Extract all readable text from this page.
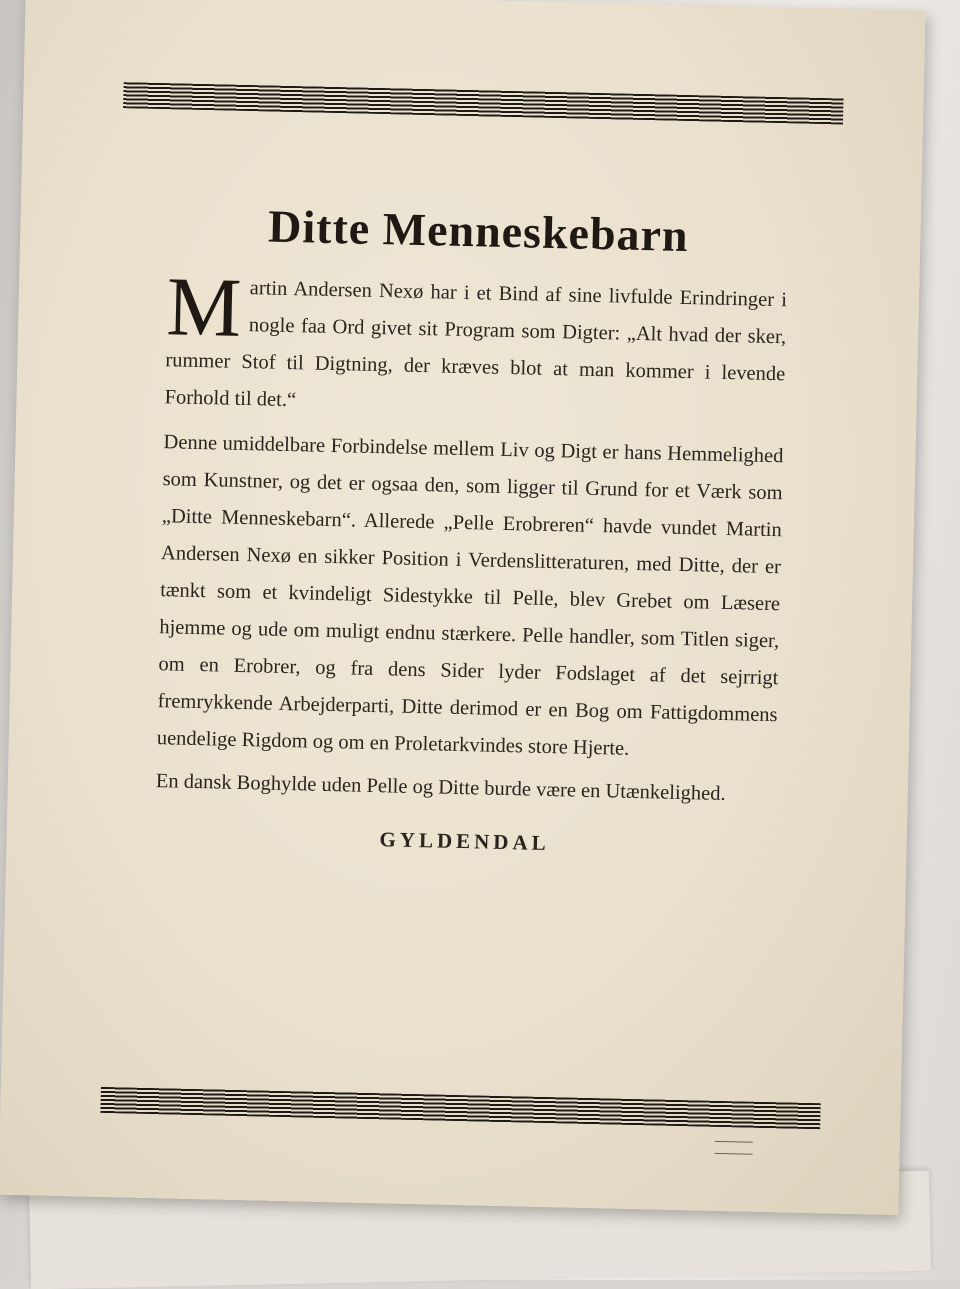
Ditte Menneskebarn

Martin Andersen Nexø har i et Bind af sine livfulde Erindringer i nogle faa Ord givet sit Program som Digter: „Alt hvad der sker, rummer Stof til Digtning, der kræves blot at man kommer i levende Forhold til det.“

Denne umiddelbare Forbindelse mellem Liv og Digt er hans Hemmelighed som Kunstner, og det er ogsaa den, som ligger til Grund for et Værk som „Ditte Menneskebarn“. Allerede „Pelle Erobreren“ havde vundet Martin Andersen Nexø en sikker Position i Verdenslitteraturen, med Ditte, der er tænkt som et kvindeligt Sidestykke til Pelle, blev Grebet om Læsere hjemme og ude om muligt endnu stærkere. Pelle handler, som Titlen siger, om en Erobrer, og fra dens Sider lyder Fodslaget af det sejrrigt fremrykkende Arbejderparti, Ditte derimod er en Bog om Fattigdommens uendelige Rigdom og om en Proletarkvindes store Hjerte.

En dansk Boghylde uden Pelle og Ditte burde være en Utænkelighed.

GYLDENDAL
​
